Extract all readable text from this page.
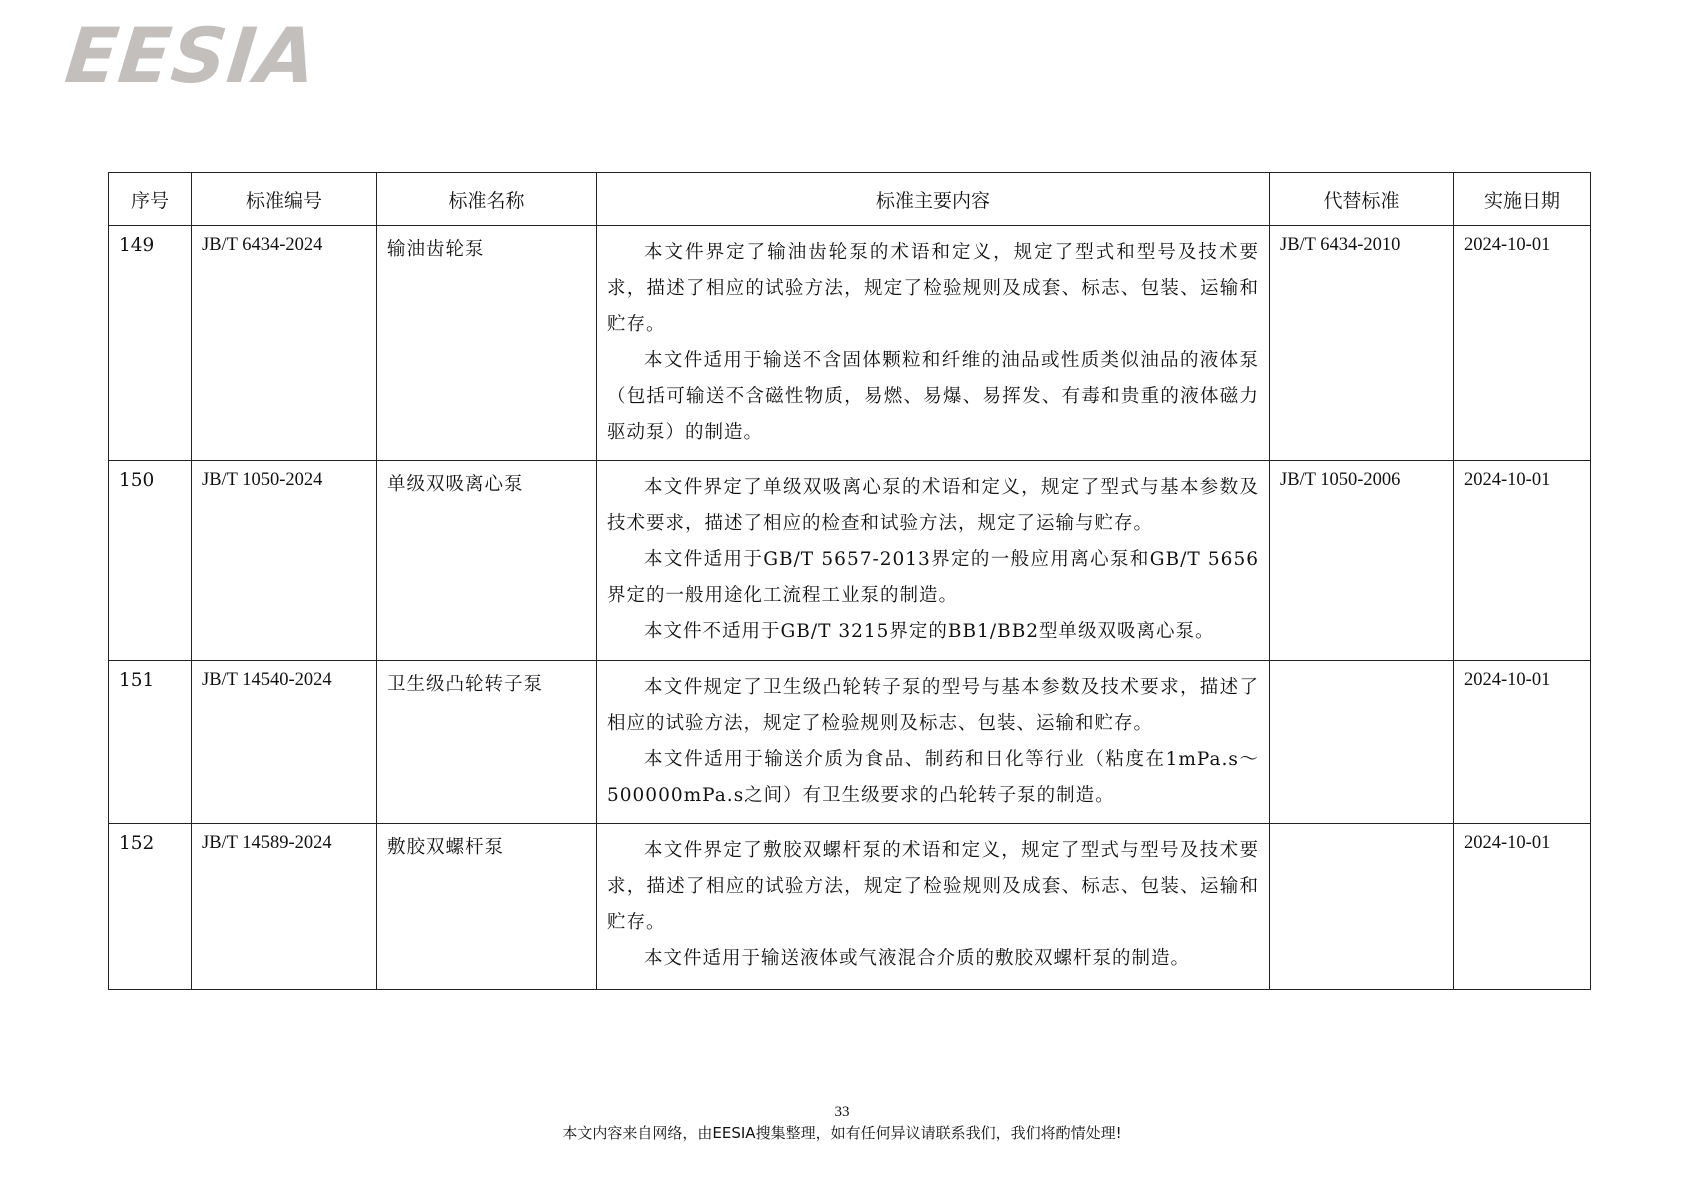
EESIA
序号	标准编号	标准名称	标准主要内容	代替标准	实施日期
149	JB/T 6434-2024	输油齿轮泵	本文件界定了输油齿轮泵的术语和定义，规定了型式和型号及技术要求，描述了相应的试验方法，规定了检验规则及成套、标志、包装、运输和贮存。

本文件适用于输送不含固体颗粒和纤维的油品或性质类似油品的液体泵（包括可输送不含磁性物质，易燃、易爆、易挥发、有毒和贵重的液体磁力驱动泵）的制造。	JB/T 6434-2010	2024-10-01
150	JB/T 1050-2024	单级双吸离心泵	本文件界定了单级双吸离心泵的术语和定义，规定了型式与基本参数及技术要求，描述了相应的检查和试验方法，规定了运输与贮存。

本文件适用于GB/T 5657-2013界定的一般应用离心泵和GB/T 5656界定的一般用途化工流程工业泵的制造。

本文件不适用于GB/T 3215界定的BB1/BB2型单级双吸离心泵。	JB/T 1050-2006	2024-10-01
151	JB/T 14540-2024	卫生级凸轮转子泵	本文件规定了卫生级凸轮转子泵的型号与基本参数及技术要求，描述了相应的试验方法，规定了检验规则及标志、包装、运输和贮存。

本文件适用于输送介质为食品、制药和日化等行业（粘度在1mPa.s～500000mPa.s之间）有卫生级要求的凸轮转子泵的制造。		2024-10-01
152	JB/T 14589-2024	敷胶双螺杆泵	本文件界定了敷胶双螺杆泵的术语和定义，规定了型式与型号及技术要求，描述了相应的试验方法，规定了检验规则及成套、标志、包装、运输和贮存。

本文件适用于输送液体或气液混合介质的敷胶双螺杆泵的制造。		2024-10-01
33
本文内容来自网络，由EESIA搜集整理，如有任何异议请联系我们，我们将酌情处理!
